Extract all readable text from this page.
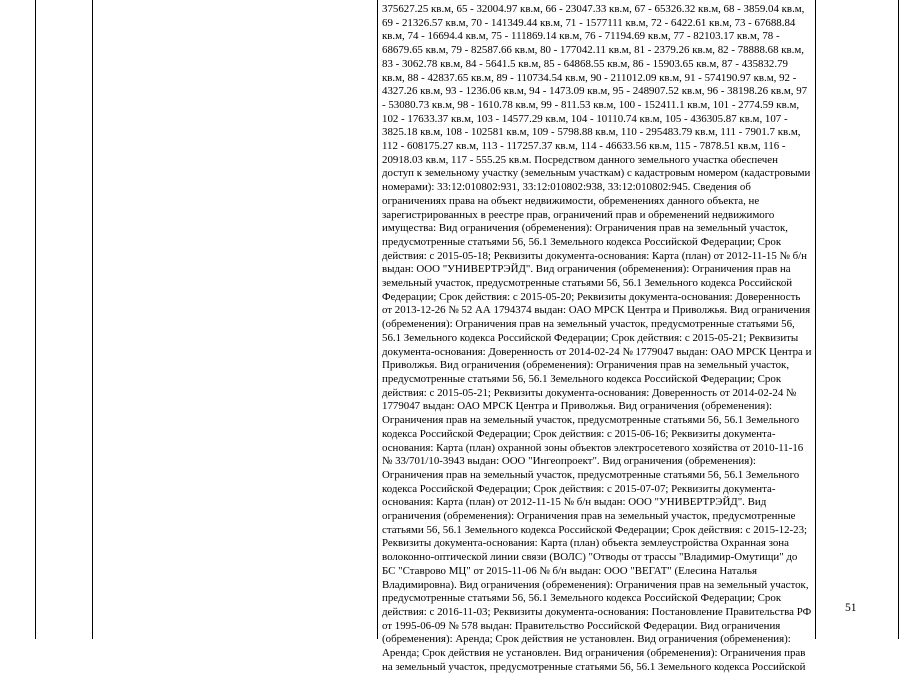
375627.25 кв.м, 65 - 32004.97 кв.м, 66 - 23047.33 кв.м, 67 - 65326.32 кв.м, 68 - 3859.04 кв.м, 69 - 21326.57 кв.м, 70 - 141349.44 кв.м, 71 - 1577111 кв.м, 72 - 6422.61 кв.м, 73 - 67688.84 кв.м, 74 - 16694.4 кв.м, 75 - 111869.14 кв.м, 76 - 71194.69 кв.м, 77 - 82103.17 кв.м, 78 - 68679.65 кв.м, 79 - 82587.66 кв.м, 80 - 177042.11 кв.м, 81 - 2379.26 кв.м, 82 - 78888.68 кв.м, 83 - 3062.78 кв.м, 84 - 5641.5 кв.м, 85 - 64868.55 кв.м, 86 - 15903.65 кв.м, 87 - 435832.79 кв.м, 88 - 42837.65 кв.м, 89 - 110734.54 кв.м, 90 - 211012.09 кв.м, 91 - 574190.97 кв.м, 92 - 4327.26 кв.м, 93 - 1236.06 кв.м, 94 - 1473.09 кв.м, 95 - 248907.52 кв.м, 96 - 38198.26 кв.м, 97 - 53080.73 кв.м, 98 - 1610.78 кв.м, 99 - 811.53 кв.м, 100 - 152411.1 кв.м, 101 - 2774.59 кв.м, 102 - 17633.37 кв.м, 103 - 14577.29 кв.м, 104 - 10110.74 кв.м, 105 - 436305.87 кв.м, 107 - 3825.18 кв.м, 108 - 102581 кв.м, 109 - 5798.88 кв.м, 110 - 295483.79 кв.м, 111 - 7901.7 кв.м, 112 - 608175.27 кв.м, 113 - 117257.37 кв.м, 114 - 46633.56 кв.м, 115 - 7878.51 кв.м, 116 - 20918.03 кв.м, 117 - 555.25 кв.м. Посредством данного земельного участка обеспечен доступ к земельному участку (земельным участкам) с кадастровым номером (кадастровыми номерами): 33:12:010802:931, 33:12:010802:938, 33:12:010802:945. Сведения об ограничениях права на объект недвижимости, обременениях данного объекта, не зарегистрированных в реестре прав, ограничений прав и обременений недвижимого имущества: Вид ограничения (обременения): Ограничения прав на земельный участок, предусмотренные статьями 56, 56.1 Земельного кодекса Российской Федерации; Срок действия: с 2015-05-18; Реквизиты документа-основания: Карта (план) от 2012-11-15 № б/н выдан: ООО "УНИВЕРТРЭЙД". Вид ограничения (обременения): Ограничения прав на земельный участок, предусмотренные статьями 56, 56.1 Земельного кодекса Российской Федерации; Срок действия: с 2015-05-20; Реквизиты документа-основания: Доверенность от 2013-12-26 № 52 АА 1794374 выдан: ОАО МРСК Центра и Приволжья. Вид ограничения (обременения): Ограничения прав на земельный участок, предусмотренные статьями 56, 56.1 Земельного кодекса Российской Федерации; Срок действия: с 2015-05-21; Реквизиты документа-основания: Доверенность от 2014-02-24 № 1779047 выдан: ОАО МРСК Центра и Приволжья. Вид ограничения (обременения): Ограничения прав на земельный участок, предусмотренные статьями 56, 56.1 Земельного кодекса Российской Федерации; Срок действия: с 2015-05-21; Реквизиты документа-основания: Доверенность от 2014-02-24 № 1779047 выдан: ОАО МРСК Центра и Приволжья. Вид ограничения (обременения): Ограничения прав на земельный участок, предусмотренные статьями 56, 56.1 Земельного кодекса Российской Федерации; Срок действия: с 2015-06-16; Реквизиты документа-основания: Карта (план) охранной зоны объектов электросетевого хозяйства от 2010-11-16 № 33/701/10-3943 выдан: ООО "Ингеопроект". Вид ограничения (обременения): Ограничения прав на земельный участок, предусмотренные статьями 56, 56.1 Земельного кодекса Российской Федерации; Срок действия: с 2015-07-07; Реквизиты документа-основания: Карта (план) от 2012-11-15 № б/н выдан: ООО "УНИВЕРТРЭЙД". Вид ограничения (обременения): Ограничения прав на земельный участок, предусмотренные статьями 56, 56.1 Земельного кодекса Российской Федерации; Срок действия: с 2015-12-23; Реквизиты документа-основания: Карта (план) объекта землеустройства Охранная зона волоконно-оптической линии связи (ВОЛС) "Отводы от трассы "Владимир-Омутищи" до БС "Ставрово МЦ" от 2015-11-06 № б/н выдан: ООО "ВЕГАТ" (Елесина Наталья Владимировна). Вид ограничения (обременения): Ограничения прав на земельный участок, предусмотренные статьями 56, 56.1 Земельного кодекса Российской Федерации; Срок действия: с 2016-11-03; Реквизиты документа-основания: Постановление Правительства РФ от 1995-06-09 № 578 выдан: Правительство Российской Федерации. Вид ограничения (обременения): Аренда; Срок действия не установлен. Вид ограничения (обременения): Аренда; Срок действия не установлен. Вид ограничения (обременения): Ограничения прав на земельный участок, предусмотренные статьями 56, 56.1 Земельного кодекса Российской

51
